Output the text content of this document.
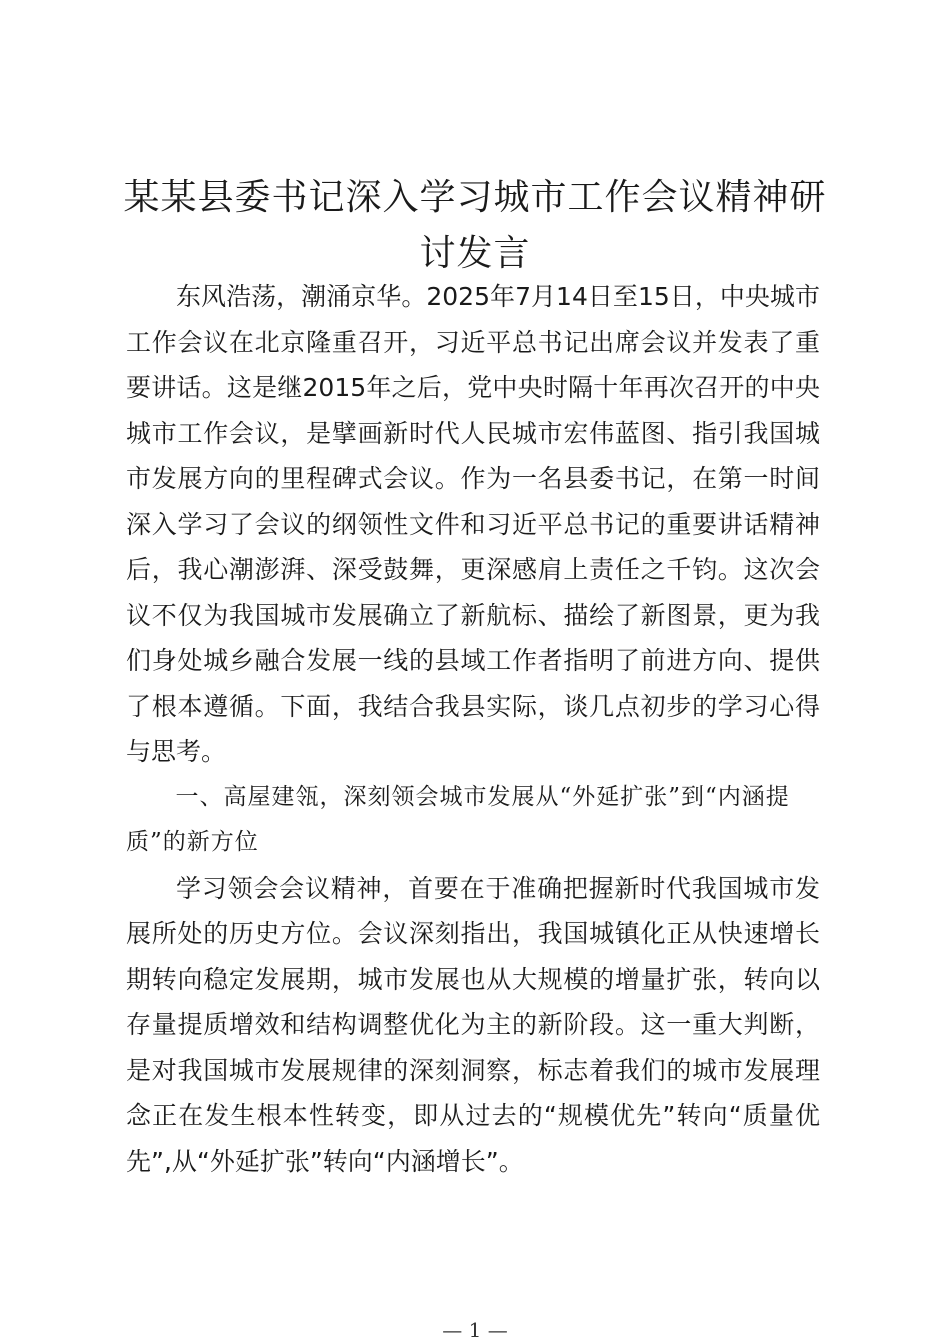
某某县委书记深入学习城市工作会议精神研讨发言

东风浩荡，潮涌京华。2025年7月14日至15日，中央城市工作会议在北京隆重召开，习近平总书记出席会议并发表了重要讲话。这是继2015年之后，党中央时隔十年再次召开的中央城市工作会议，是擘画新时代人民城市宏伟蓝图、指引我国城市发展方向的里程碑式会议。作为一名县委书记，在第一时间深入学习了会议的纲领性文件和习近平总书记的重要讲话精神后，我心潮澎湃、深受鼓舞，更深感肩上责任之千钧。这次会议不仅为我国城市发展确立了新航标、描绘了新图景，更为我们身处城乡融合发展一线的县域工作者指明了前进方向、提供了根本遵循。下面，我结合我县实际，谈几点初步的学习心得与思考。

一、高屋建瓴，深刻领会城市发展从“外延扩张”到“内涵提质”的新方位

学习领会会议精神，首要在于准确把握新时代我国城市发展所处的历史方位。会议深刻指出，我国城镇化正从快速增长期转向稳定发展期，城市发展也从大规模的增量扩张，转向以存量提质增效和结构调整优化为主的新阶段。这一重大判断，是对我国城市发展规律的深刻洞察，标志着我们的城市发展理念正在发生根本性转变，即从过去的“规模优先”转向“质量优先”,从“外延扩张”转向“内涵增长”。

— 1 —
